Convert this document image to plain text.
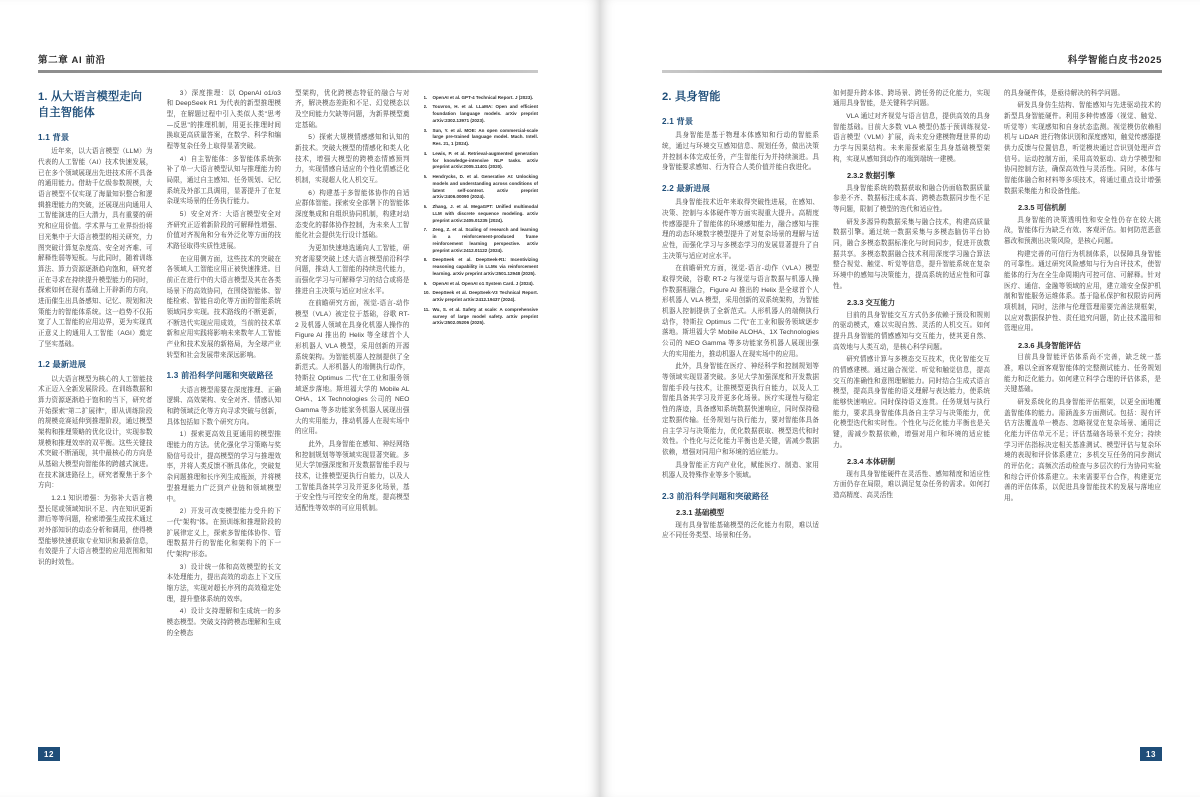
第二章 AI 前沿
1. 从大语言模型走向自主智能体
1.1 背景

近年来，以大语言模型（LLM）为代表的人工智能（AI）技术快速发展，已在多个领域展现出先进技术所不具备的通用能力。借助千亿级参数规模，大语言模型不仅实现了海量知识整合和逻辑推理能力的突破，还展现出向通用人工智能演进的巨大潜力，具有重要的研究和应用价值。学术界与工业界纷纷将目光集中于大语言模型的相关研究，力图突破计算复杂度高、安全对齐难、可解释性弱等短板。与此同时，随着训练算法、算力资源逐渐趋向饱和，研究者正在寻求在持续提升模型能力的同时，探索如何在现有基础上开辟新的方向，进而催生出具备感知、记忆、规划和决策能力的智能体系统。这一趋势不仅拓宽了人工智能的应用边界，更为实现真正意义上的通用人工智能（AGI）奠定了坚实基础。

1.2 最新进展

以大语言模型为核心的人工智能技术正迈入全新发展阶段。在训练数据和算力资源逐渐趋于饱和的当下，研究者开始探索"第二扩展律"，即从训练阶段的规模竞赛延伸到推理阶段，通过模型架构和推理策略的优化设计，实现参数规模和推理效率的双平衡。这些关键技术突破不断涌现，其中最核心的方向是从基础大模型向智能体的跨越式演进。在技术演进路径上，研究者聚焦于多个方向：

1.2.1 知识增强：为弥补大语言模型长尾或领域知识不足、内在知识更新滞后等等问题，检索增强生成技术通过对外部知识的动态分析和调用，使得模型能够快速获取专业知识和最新信息，有效提升了大语言模型的应用范围和知识的时效性。

3）深度推理：以 OpenAI o1/o3 和 DeepSeek R1 为代表的新型推理模型，在解题过程中引入类似人类"思考—反思"的推理机制，用更长推理时间换取更高质量答案，在数学、科学和编程等复杂任务上取得显著突破。

4）自主智能体：多智能体系统弥补了单一大语言模型认知与推理能力的局限，通过自主感知、任务规划、记忆系统及外部工具调用，显著提升了在复杂现实场景的任务执行能力。

5）安全对齐：大语言模型安全对齐研究正迈着新阶段的可解释性增强、价值对齐视角和分布外泛化等方面的技术路径取得实质性进展。

在应用侧方面，这些技术的突破在各领域人工智能应用正被快速推进。目前正在进行中的大语言模型及其在各类场景下的高效协同，在围绕智能体、智能检索、智能自动化等方面的智能系统领域同步实现。技术路线的不断更新，不断迭代实现应用成效，当前的技术革新和应用实践将影响未来数年人工智能产业和技术发展的新格局，为全球产业转型和社会发展带来深远影响。

1.3 前沿科学问题和突破路径

大语言模型需要在深度推理、正确逻辑、高效架构、安全对齐、情感认知和跨领域泛化等方向寻求突破与创新，具体包括如下数个研究方向。

1）探索更高效且更通用的模型推理能力的方法。优化强化学习策略与奖励信号设计，提高模型的学习与推理效率，并将人类反馈不断具体化，突破复杂问题推理和长序列生成瓶颈，并将模型推理能力广泛到产业链和领域模型中。

2）开发可改变模型能力受升的下一代"架构"体。在预训练和推理阶段的扩展律定义上，探索多智能体协作、管理数据并行的智能化和架构下的下一代"架构"形态。

3）设计统一体和高效模型的长文本处理能力，提出高效的动态上下文压缩方法，实现对超长序列的高效稳定处理，提升整体系统的效率。

4）设计支持理解和生成统一的多模态模型。突破支持跨模态理解和生成的全模态

型架构，优化跨模态特征的融合与对齐，解决模态差距和不足、幻觉模态以及空间能力欠缺等问题，为新界模型奠定基础。

5）探索大规模情感感知和认知的新技术。突破大模型的情感化和类人化技术，增强大模型的跨模态情感预判力，实现情感自适应的个性化情感泛化机制，实现超人化人机交互。

6）构建基于多智能体协作的自适应群体智能。探索安全部署下的智能体深度集成和自组织协同机制，构建对动态变化的群体协作控制，为未来人工智能化社会提供先行设计基础。

为更加快速地选通向人工智能，研究者需要突破上述大语言模型前沿科学问题，推动人工智能的持续迭代能力，而强化学习与可解释学习的结合或将是推进自主决策与适应对应水平。

在前瞻研究方面，视觉-语言-动作模型（VLA）被定位于基础，谷歌 RT-2 及机器人领域在具身化机器人操作的 Figure AI 推出的 Helix 等全球首个人形机器人 VLA 模型，采用创新的开源系统架构。为智能机器人控制提供了全新范式。人形机器人的端侧执行动作，特斯拉 Optimus 二代"在工业和服务领域逐步落地。斯坦福大学的 Mobile ALOHA、1X Technologies 公司的 NEO Gamma 等多功能家务机器人展现出强大的实用能力，推动机器人在现实场中的应用。

此外，具身智能在感知、神经网络和控制规划等等领域实现显著突破。多见大学加强深度和开发数据智能手段与技术，让推模型更执行自能力，以及人工智能具备其学习及并更多化场景，基于安全性与可控安全的角度，提高模型适配性等效率的可应用机制。

1.	OpenAI et al. GPT-4 Technical Report. J (2023).
2.	Touvron, H. et al. LLaMA: Open and efficient foundation language models. arXiv preprint arXiv:2302.13971 (2023).
3.	Sun, Y. et al. MOE: An open commercial-scale large pre-trained language model. Mach. Intell. Res. 21, 1 (2024).
4.	Lewis, P. et al. Retrieval-augmented generation for knowledge-intensive NLP tasks. arXiv preprint arXiv:2005.11401 (2020).
5.	Hendrycks, D. et al. Generative AI: Unlocking models and understanding across conditions of latent self-context. arXiv preprint arXiv:2406.00090 (2024).
6.	Zhang, J. et al. MegaGPT: Unified multimodal LLM with discrete sequence modeling. arXiv preprint arXiv:2405.01235 (2024).
7.	Zeng, Z. et al. Scaling of research and learning in a reinforcement-produced frame reinforcement learning perspective. arXiv preprint arXiv:2412.01122 (2024).
8.	DeepSeek et al. DeepSeek-R1: Incentivizing reasoning capability in LLMs via reinforcement learning. arXiv preprint arXiv:2501.12948 (2025).
9.	OpenAI et al. OpenAI o1 System Card. J (2024).
10. DeepSeek et al. DeepSeek-V3 Technical Report. arXiv preprint arXiv:2412.19437 (2024).
11. Wu, S. et al. Safety at scale: A comprehensive survey of large model safety. arXiv preprint arXiv:2502.05206 (2025).
12
科学智能白皮书2025
2. 具身智能
2.1 背景

具身智能是基于物理本体感知和行动的智能系统，通过与环境交互感知信息、规划任务，做出决策并控制本体完成任务，产生智能行为并持续演进。具身智能要求感知、行为符合人类价值并能自我进化。

2.2 最新进展

具身智能技术近年来取得突破性进展，在感知、决策、控制与本体硬件等方面实现重大提升。高精度传感器提升了智能体的环境感知能力，融合感知与推理的动态环境数字模型提升了对复杂场景的理解与适应性，而强化学习与多模态学习的发展显著提升了自主决策与适应对应水平。

在前瞻研究方面，视觉-语言-动作（VLA）模型取得突破，谷歌 RT-2 与视觉与语言数据与机器人操作数据相融合，Figure AI 推出的 Helix 是全球首个人形机器人 VLA 模型，采用创新的双系统架构，为智能机器人控制提供了全新范式。人形机器人的端侧执行动作，特斯拉 Optimus 二代"在工业和服务领域逐步落地。斯坦福大学 Mobile ALOHA、1X Technologies 公司的 NEO Gamma 等多功能家务机器人展现出强大的实用能力，推动机器人在现实场中的应用。

此外，具身智能在医疗、神经科学和控制规划等等领域实现显著突破。多见大学加强深度和开发数据智能手段与技术，让推模型更执行自能力，以及人工智能具备其学习及并更多化场景。医疗实现性与稳定性的落迹，具备感知系统数据快速响应，同时保持稳定数据传输。任务规划与执行能力，要对智能体具备自主学习与决策能力，优化数据获取、模型迭代和时效性。个性化与泛化能力平衡也是关键，需减少数据依赖，增强对同用户和环境的适应能力。

具身智能正方向产业化，赋能医疗、制造、家用机器人及特殊作业等多个领域。

2.3 前沿科学问题和突破路径
2.3.1 基础模型

现有具身智能基础模型的泛化能力有限，难以适应不同任务类型、场景和任务。

如何提升跨本体、跨场景、跨任务的泛化能力，实现通用具身智能，是关键科学问题。

VLA 通过对齐视觉与语言信息，提供高效的具身智能基础。目前大多数 VLA 模型仍基于预训练视觉-语言模型（VLM）扩展，尚未充分建模物理世界的动力学与因果结构。未来需探索原生具身基础模型架构，实现从感知到动作的端到端统一建模。

2.3.2 数据引擎

具身智能系统的数据获取和融合仍面临数据质量参差不齐、数据标注成本高、跨模态数据同步性不足等问题，限制了模型的迭代和适应性。

研发多源异构数据采集与融合技术，构建高质量数据引擎。通过统一数据采集与多模态脑仿平台协同，融合多模态数据标准化与时间同步，促进开放数据共享。多模态数据融合技术利用深度学习融合算法整合视觉、触觉、听觉等信息，提升智能系统在复杂环境中的感知与决策能力，提高系统的适应性和可靠性。

2.3.3 交互能力

目前的具身智能交互方式仍多依赖于预设和规则的驱动模式，难以实现自然、灵活的人机交互。如何提升具身智能的情感感知与交互能力，使其更自然、高效地与人类互动，是核心科学问题。

研究情感计算与多模态交互技术，优化智能交互的情感建模。通过融合视觉、听觉和触觉信息，提高交互的准确性和意图理解能力。同时结合生成式语言模型，提高具身智能的语义理解与表达能力，使系统能够快速响应。同时保持语义连贯。任务规划与执行能力，要求具身智能体具备自主学习与决策能力，优化模型迭代和实时性。个性化与泛化能力平衡也是关键，需减少数据依赖，增强对用户和环境的适应能力。

2.3.4 本体研制

现有具身智能硬件在灵活性、感知精度和适应性方面仍存在局限，难以满足复杂任务的需求。如何打造高精度、高灵活性

的具身硬件体，是亟待解决的科学问题。

研发具身仿生结构、智能感知与先进驱动技术的新型具身智能硬件。利用多种传感器（视觉、触觉、听觉等）实现感知和自身状态监测。视觉模仿依赖相机与 LiDAR 进行物体识别和深度感知，触觉传感器提供力反馈与位置信息，听觉模块通过音识别处理声音信号。运动控制方面，采用高效驱动、动力学模型和协同控制方法，确保高效性与灵活性。同时，本体与智能体融合和材料等多项技术，将通过重点设计增强数据采集能力和设备性能。

2.3.5 可信机制

具身智能的决策透明性和安全性仍存在较大挑战，智能体行为缺乏有效、客观评估。如何防范恶意篡改和预测出决策风险，是核心问题。

构建完善的可信行为机制体系，以保障具身智能的可靠性。通过研究风险感知与行为自评技术，使智能体的行为在全生命周期内可控可信、可解释。针对医疗、通信、金融等领域的应用，建立端安全保护机制和智能服务运维体系。基于隐私保护和权限访问两项机制，同时，法律与伦理管理需要完善法规框架，以应对数据保护性、责任追究问题，防止技术滥用和管理应用。

2.3.6 具身智能评估

目前具身智能评估体系尚不完善，缺乏统一基准，难以全面客观智能体的完整测试能力、任务规划能力和泛化能力。如何建立科学合理的评估体系，是关键基础。

研发系统化的具身智能评估框架，以更全面地覆盖智能体的能力。需涵盖多方面测试。包括：现有评估方法覆盖单一模态、忽略视觉在复杂场景、通用泛化能力评估单元不足；评估基础各场景不充分；持续学习评估指标决定相关基准测试、模型评估与复杂环境的表现和评价体系建立；多机交互任务的同步测试的评估化；高频次活动检查与多层次的行为协同实验和综合评价体系建立。未来需要平台合作，构建更完善的评估体系，以促进具身智能技术的发展与落地应用。

13
